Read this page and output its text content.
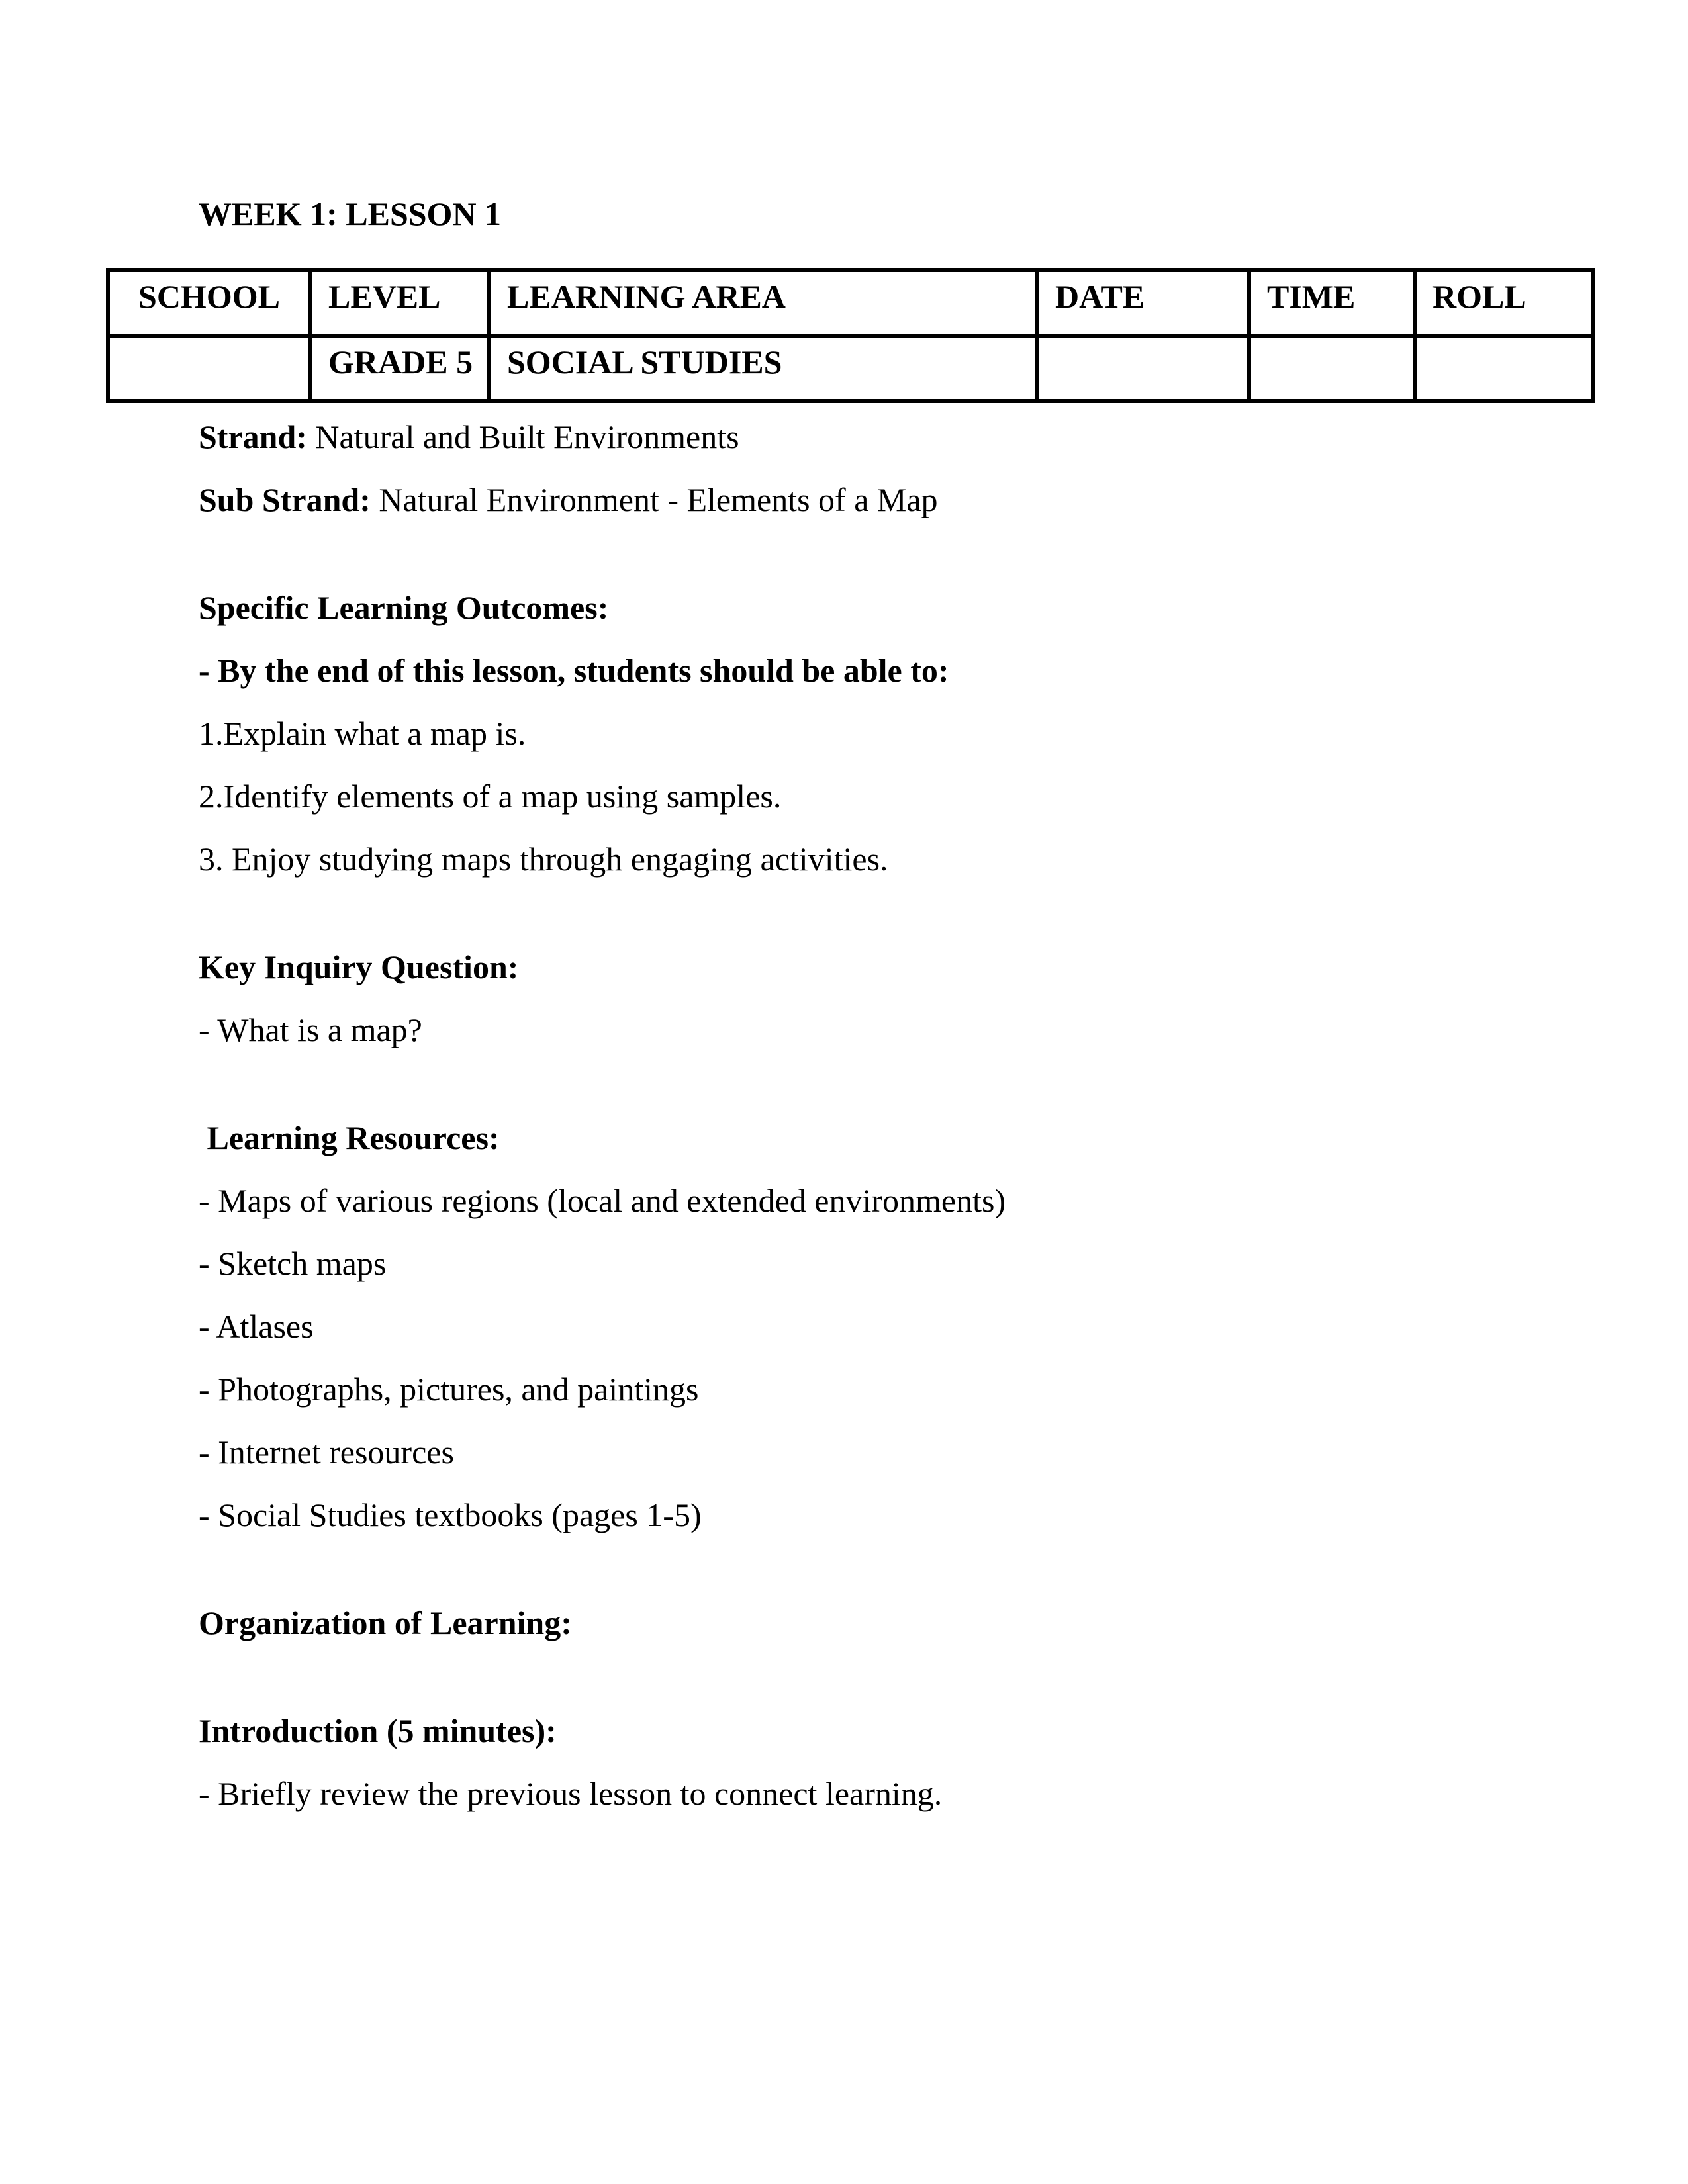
WEEK 1: LESSON 1
SCHOOL	LEVEL	LEARNING AREA	DATE	TIME	ROLL
	GRADE 5	SOCIAL STUDIES			

Strand: Natural and Built Environments

Sub Strand: Natural Environment - Elements of a Map

Specific Learning Outcomes:

- By the end of this lesson, students should be able to:

1.Explain what a map is.

2.Identify elements of a map using samples.

3. Enjoy studying maps through engaging activities.

Key Inquiry Question:

- What is a map?

Learning Resources:

- Maps of various regions (local and extended environments)

- Sketch maps

- Atlases

- Photographs, pictures, and paintings

- Internet resources

- Social Studies textbooks (pages 1-5)

Organization of Learning:

Introduction (5 minutes):

- Briefly review the previous lesson to connect learning.
